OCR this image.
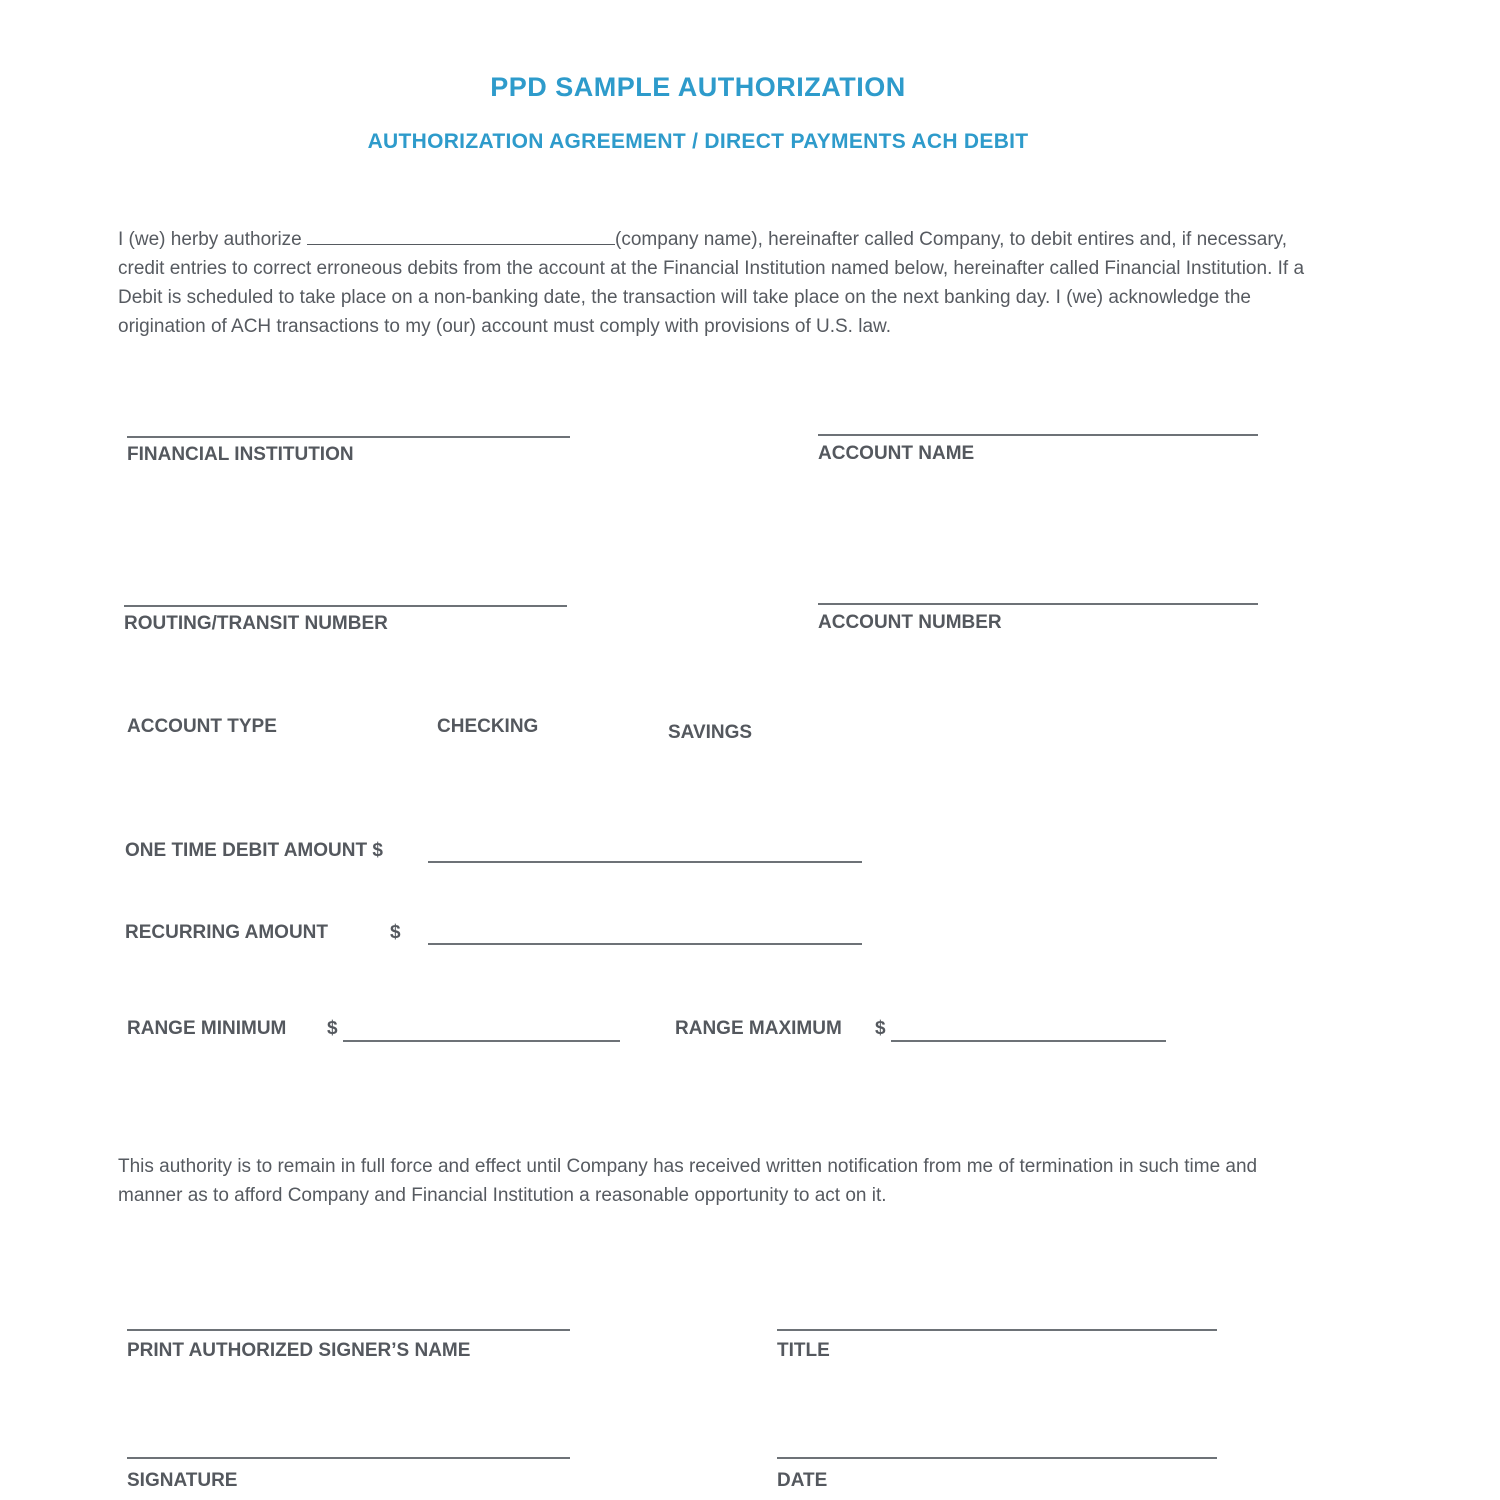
PPD SAMPLE AUTHORIZATION
AUTHORIZATION AGREEMENT / DIRECT PAYMENTS ACH DEBIT

I (we) herby authorize	(company name), hereinafter called Company, to debit entires and, if necessary, credit entries to correct erroneous debits from the account at the Financial Institution named below, hereinafter called Financial Institution. If a Debit is scheduled to take place on a non-banking date, the transaction will take place on the next banking day. I (we) acknowledge the origination of ACH transactions to my (our) account must comply with provisions of U.S. law.

FINANCIAL INSTITUTION	ACCOUNT NAME
ROUTING/TRANSIT NUMBER	ACCOUNT NUMBER
ACCOUNT TYPE	CHECKING	SAVINGS
ONE TIME DEBIT AMOUNT $
RECURRING AMOUNT	$
RANGE MINIMUM $	RANGE MAXIMUM $

This authority is to remain in full force and effect until Company has received written notification from me of termination in such time and manner as to afford Company and Financial Institution a reasonable opportunity to act on it.

PRINT AUTHORIZED SIGNER’S NAME	TITLE
SIGNATURE	DATE
